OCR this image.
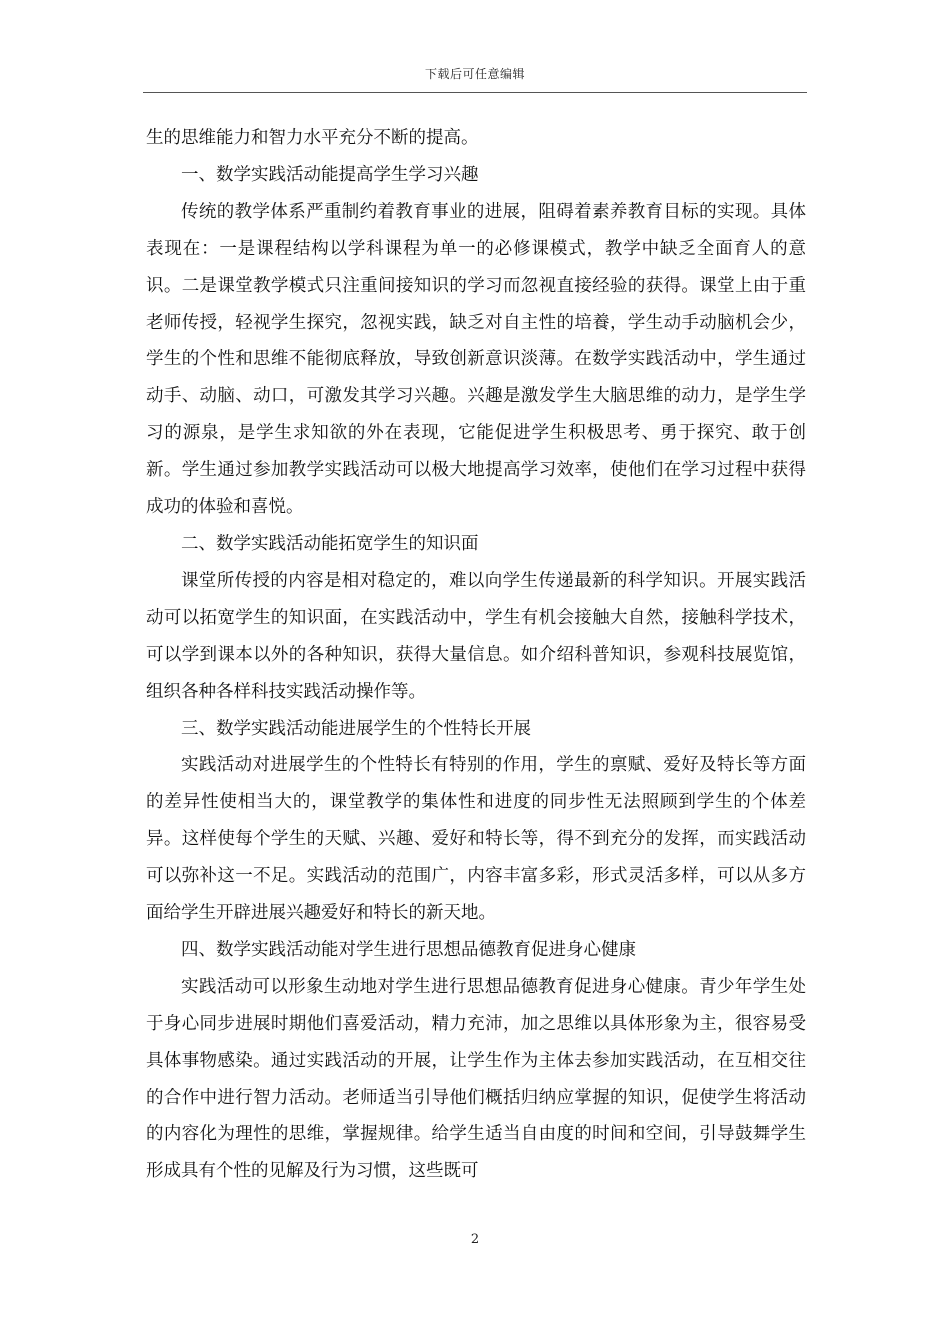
下载后可任意编辑

生的思维能力和智力水平充分不断的提高。

一、数学实践活动能提高学生学习兴趣

传统的教学体系严重制约着教育事业的进展，阻碍着素养教育目标的实现。具体表现在：一是课程结构以学科课程为单一的必修课模式，教学中缺乏全面育人的意识。二是课堂教学模式只注重间接知识的学习而忽视直接经验的获得。课堂上由于重老师传授，轻视学生探究，忽视实践，缺乏对自主性的培養，学生动手动脑机会少，学生的个性和思维不能彻底释放，导致创新意识淡薄。在数学实践活动中，学生通过动手、动脑、动口，可激发其学习兴趣。兴趣是激发学生大脑思维的动力，是学生学习的源泉，是学生求知欲的外在表现，它能促进学生积极思考、勇于探究、敢于创新。学生通过参加教学实践活动可以极大地提高学习效率，使他们在学习过程中获得成功的体验和喜悦。

二、数学实践活动能拓宽学生的知识面

课堂所传授的内容是相对稳定的，难以向学生传递最新的科学知识。开展实践活动可以拓宽学生的知识面，在实践活动中，学生有机会接触大自然，接触科学技术，可以学到课本以外的各种知识，获得大量信息。如介绍科普知识，参观科技展览馆，组织各种各样科技实践活动操作等。

三、数学实践活动能进展学生的个性特长开展

实践活动对进展学生的个性特长有特别的作用，学生的禀赋、爱好及特长等方面的差异性使相当大的，课堂教学的集体性和进度的同步性无法照顾到学生的个体差异。这样使每个学生的天赋、兴趣、爱好和特长等，得不到充分的发挥，而实践活动可以弥补这一不足。实践活动的范围广，内容丰富多彩，形式灵活多样，可以从多方面给学生开辟进展兴趣爱好和特长的新天地。

四、数学实践活动能对学生进行思想品德教育促进身心健康

实践活动可以形象生动地对学生进行思想品德教育促进身心健康。青少年学生处于身心同步进展时期他们喜爱活动，精力充沛，加之思维以具体形象为主，很容易受具体事物感染。通过实践活动的开展，让学生作为主体去参加实践活动，在互相交往的合作中进行智力活动。老师适当引导他们概括归纳应掌握的知识，促使学生将活动的内容化为理性的思维，掌握规律。给学生适当自由度的时间和空间，引导鼓舞学生形成具有个性的见解及行为习惯，这些既可

2
